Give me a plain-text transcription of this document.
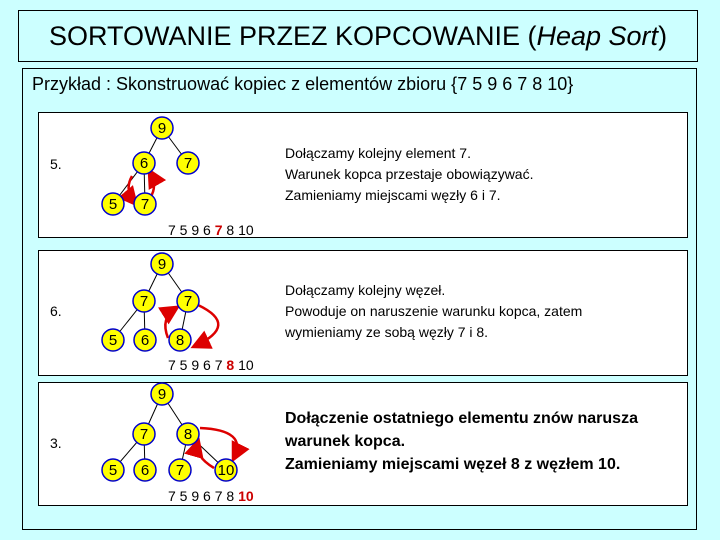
SORTOWANIE PRZEZ KOPCOWANIE (Heap Sort)
Przykład : Skonstruować kopiec z elementów zbioru {7 5 9 6 7 8 10}
5.
Dołączamy kolejny element 7.
Warunek kopca przestaje obowiązywać.
Zamieniamy miejscami węzły 6 i 7.
7 5 9 6 7 8 10
6.
Dołączamy kolejny węzeł.
Powoduje on naruszenie warunku kopca, zatem
wymieniamy ze sobą węzły 7 i 8.
7 5 9 6 7 8 10
3.
Dołączenie ostatniego elementu znów narusza
warunek kopca.
Zamieniamy miejscami węzeł 8 z węzłem 10.
7 5 9 6 7 8 10
9
6 7
5 7
9
7 7
5 6 8
9
7 8
5 6 7 10
